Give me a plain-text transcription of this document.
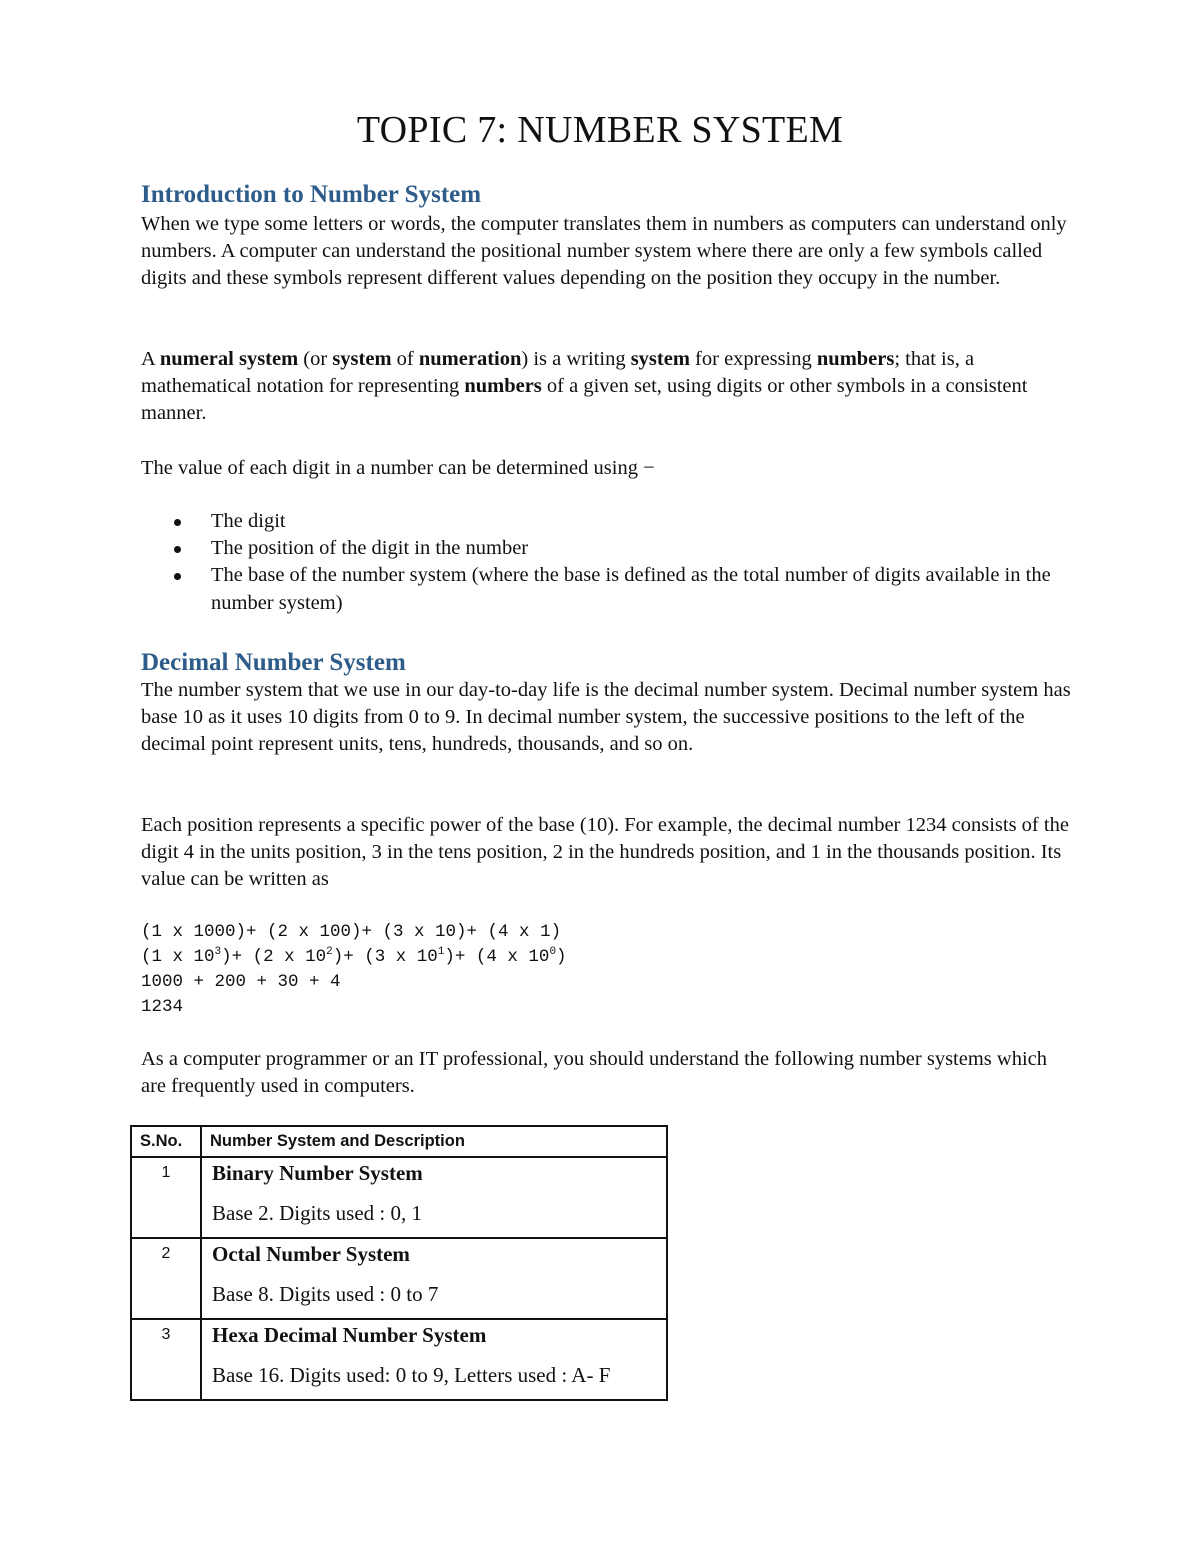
TOPIC 7: NUMBER SYSTEM
Introduction to Number System

When we type some letters or words, the computer translates them in numbers as computers can understand only numbers. A computer can understand the positional number system where there are only a few symbols called digits and these symbols represent different values depending on the position they occupy in the number.

A numeral system (or system of numeration) is a writing system for expressing numbers; that is, a mathematical notation for representing numbers of a given set, using digits or other symbols in a consistent manner.

The value of each digit in a number can be determined using −

The digit
The position of the digit in the number
The base of the number system (where the base is defined as the total number of digits available in the number system)
Decimal Number System

The number system that we use in our day-to-day life is the decimal number system. Decimal number system has base 10 as it uses 10 digits from 0 to 9. In decimal number system, the successive positions to the left of the decimal point represent units, tens, hundreds, thousands, and so on.

Each position represents a specific power of the base (10). For example, the decimal number 1234 consists of the digit 4 in the units position, 3 in the tens position, 2 in the hundreds position, and 1 in the thousands position. Its value can be written as

(1 x 1000)+ (2 x 100)+ (3 x 10)+ (4 x 1)
(1 x $10^3)+ (2$ x $10^2)+ (3$ x $10^1)+ (4$ x $10^0$)
1000 + 200 + 30 + 4
1234

As a computer programmer or an IT professional, you should understand the following number systems which are frequently used in computers.

S.No.	Number System and Description
1	Binary Number System
Base 2. Digits used : 0, 1

2	Octal Number System
Base 8. Digits used : 0 to 7

3	Hexa Decimal Number System
Base 16. Digits used: 0 to 9, Letters used : A- F
